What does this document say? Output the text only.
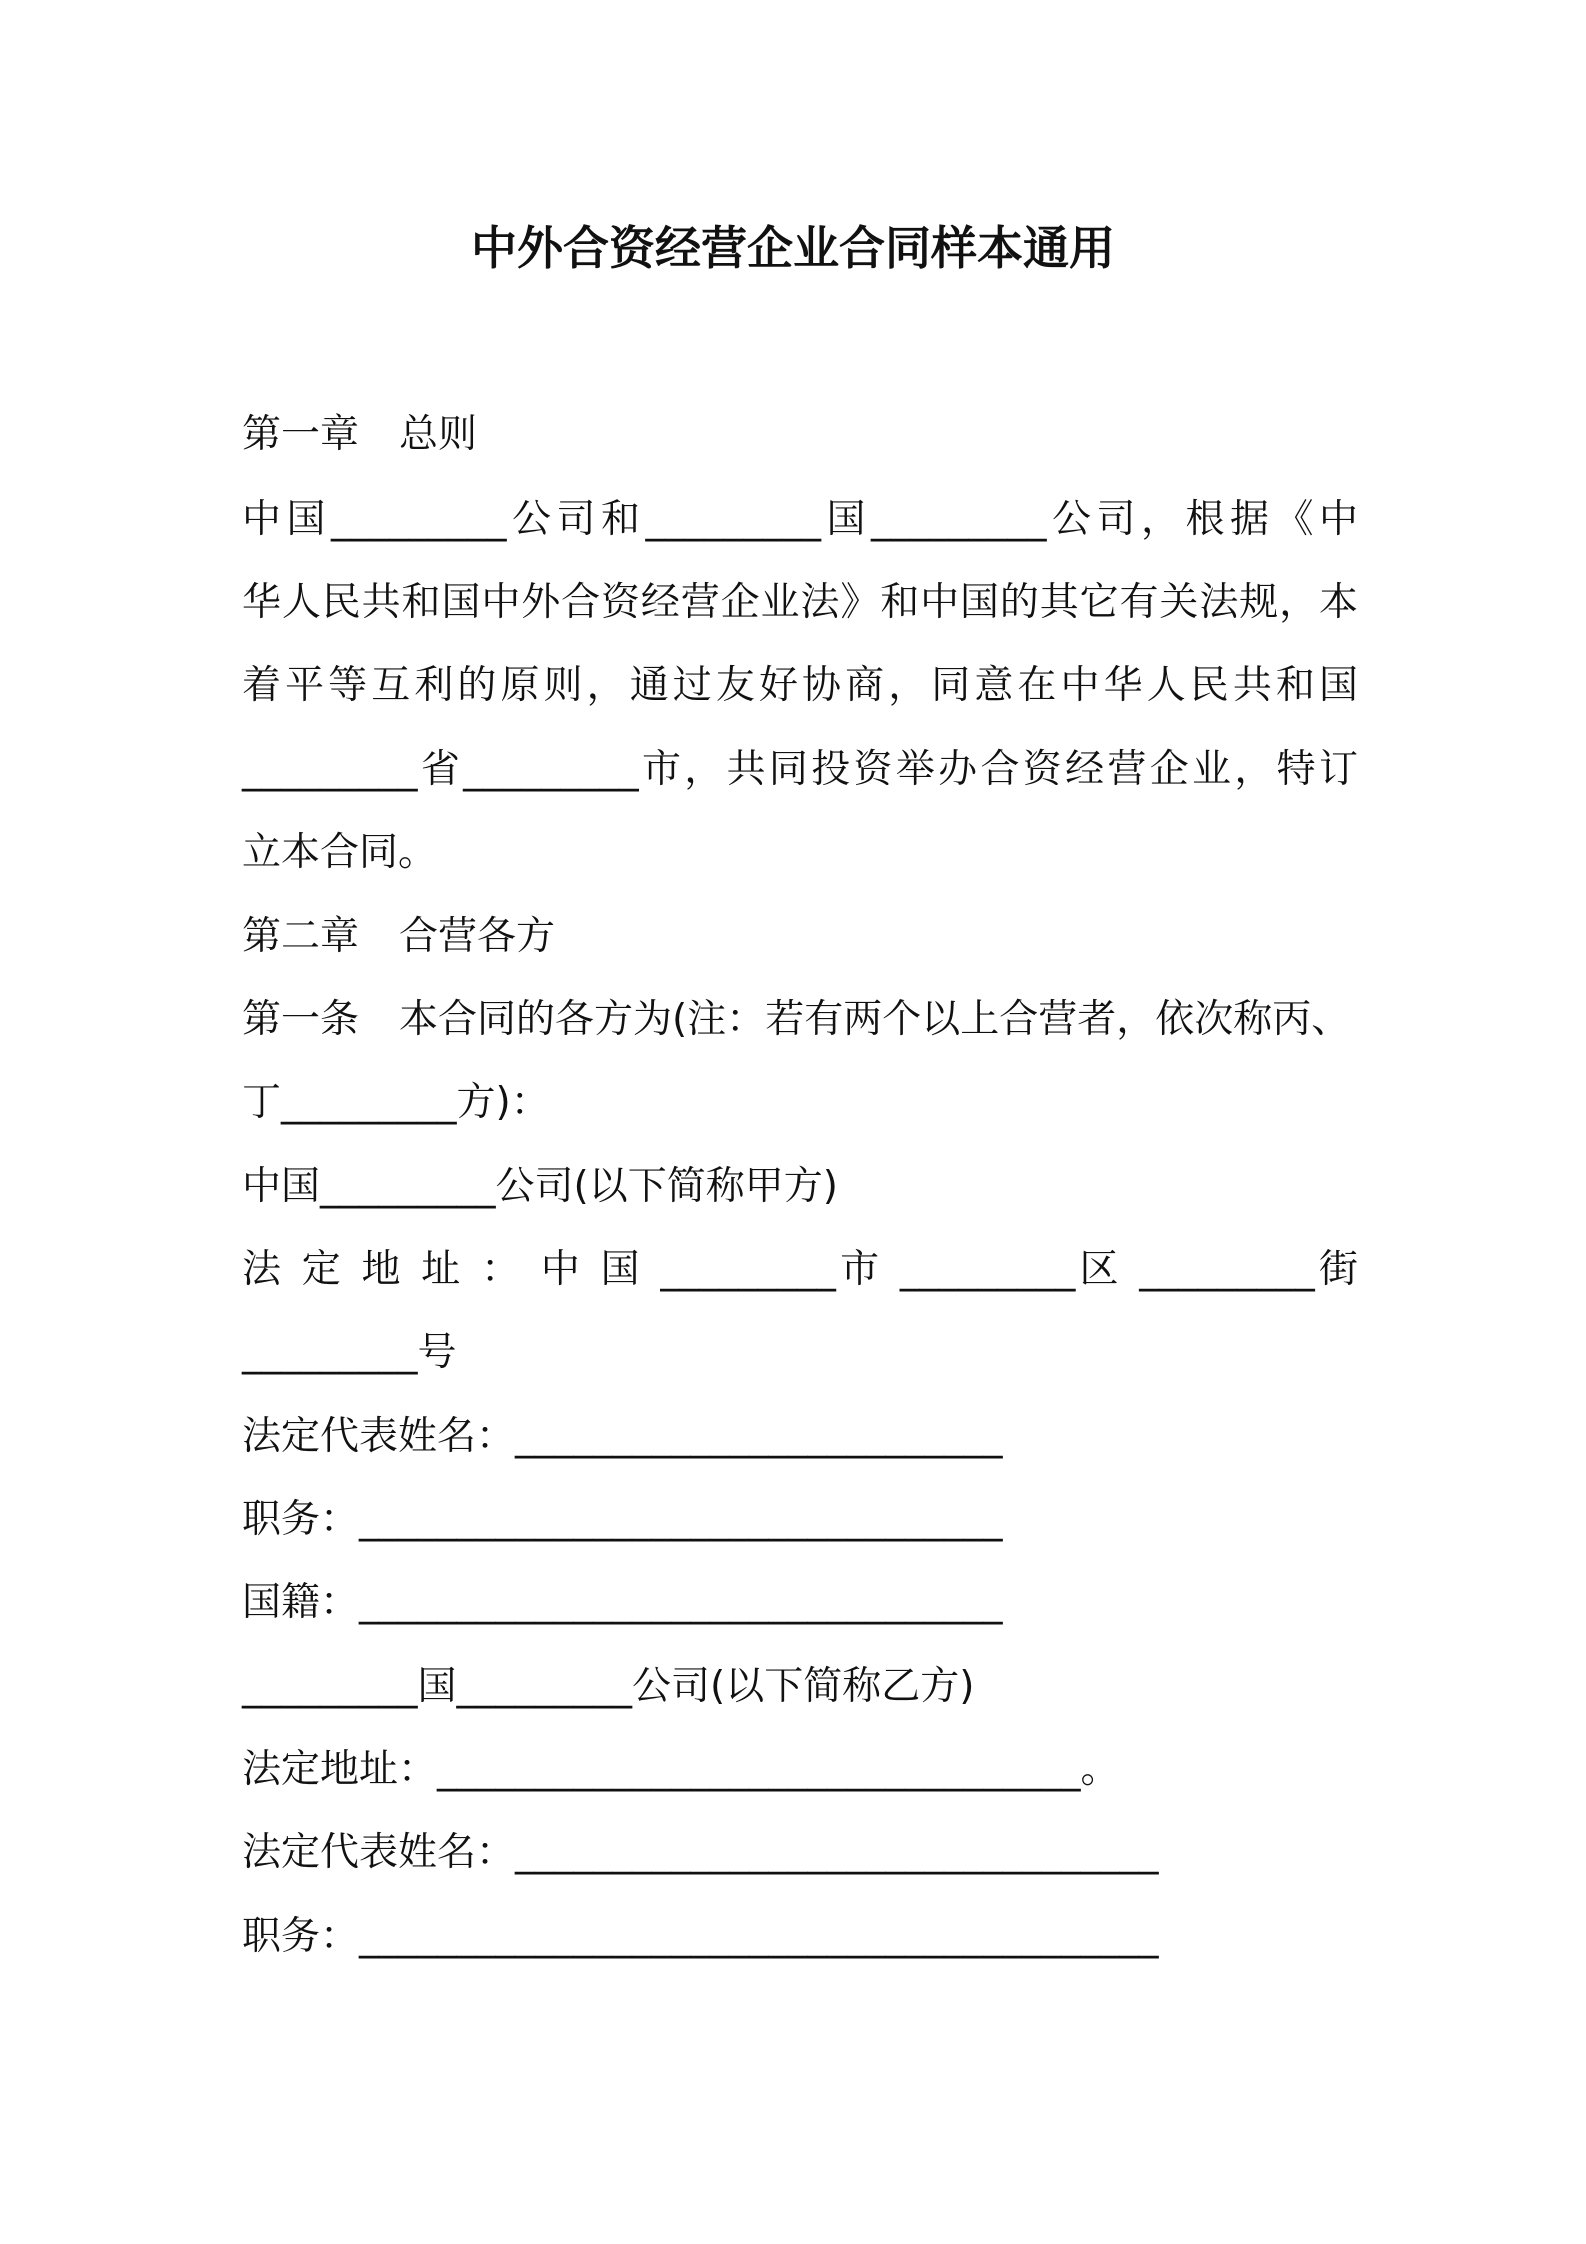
中外合资经营企业合同样本通用
第一章 总则
中国_________公司和_________国_________公司，根据《中
华人民共和国中外合资经营企业法》和中国的其它有关法规，本
着平等互利的原则，通过友好协商，同意在中华人民共和国
_________省_________市，共同投资举办合资经营企业，特订
立本合同。
第二章 合营各方
第一条 本合同的各方为(注：若有两个以上合营者，依次称丙、
丁_________方)：
中国_________公司(以下简称甲方)
法 定 地 址 ： 中 国 _________市 _________区 _________街
_________号
法定代表姓名：_________________________
职务：_________________________________
国籍：_________________________________
_________国_________公司(以下简称乙方)
法定地址：_________________________________。
法定代表姓名：_________________________________
职务：_________________________________________
